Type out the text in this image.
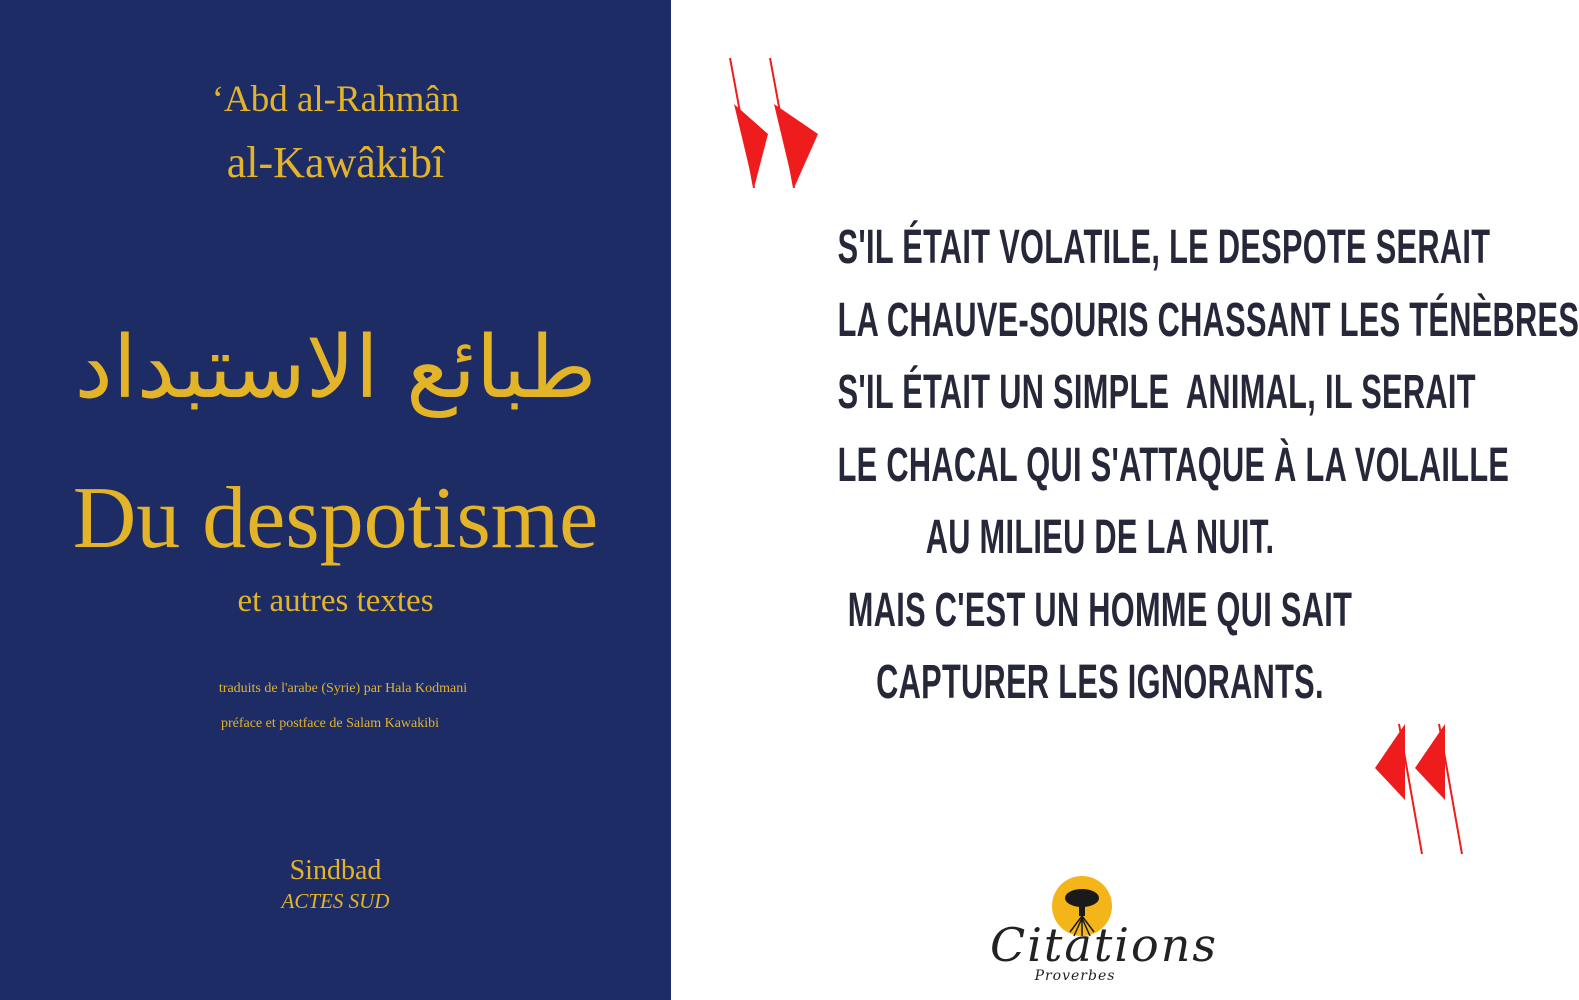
‘Abd al-Rahmân
al-Kawâkibî
طبائع الاستبداد
Du despotisme
et autres textes
traduits de l'arabe (Syrie) par Hala Kodmani
préface et postface de Salam Kawakibi
Sindbad
ACTES SUD
S'IL ÉTAIT VOLATILE, LE DESPOTE SERAIT
LA CHAUVE-SOURIS CHASSANT LES TÉNÈBRES
S'IL ÉTAIT UN SIMPLE  ANIMAL, IL SERAIT
LE CHACAL QUI S'ATTAQUE À LA VOLAILLE
AU MILIEU DE LA NUIT.
MAIS C'EST UN HOMME QUI SAIT
CAPTURER LES IGNORANTS.
Citations
Proverbes
